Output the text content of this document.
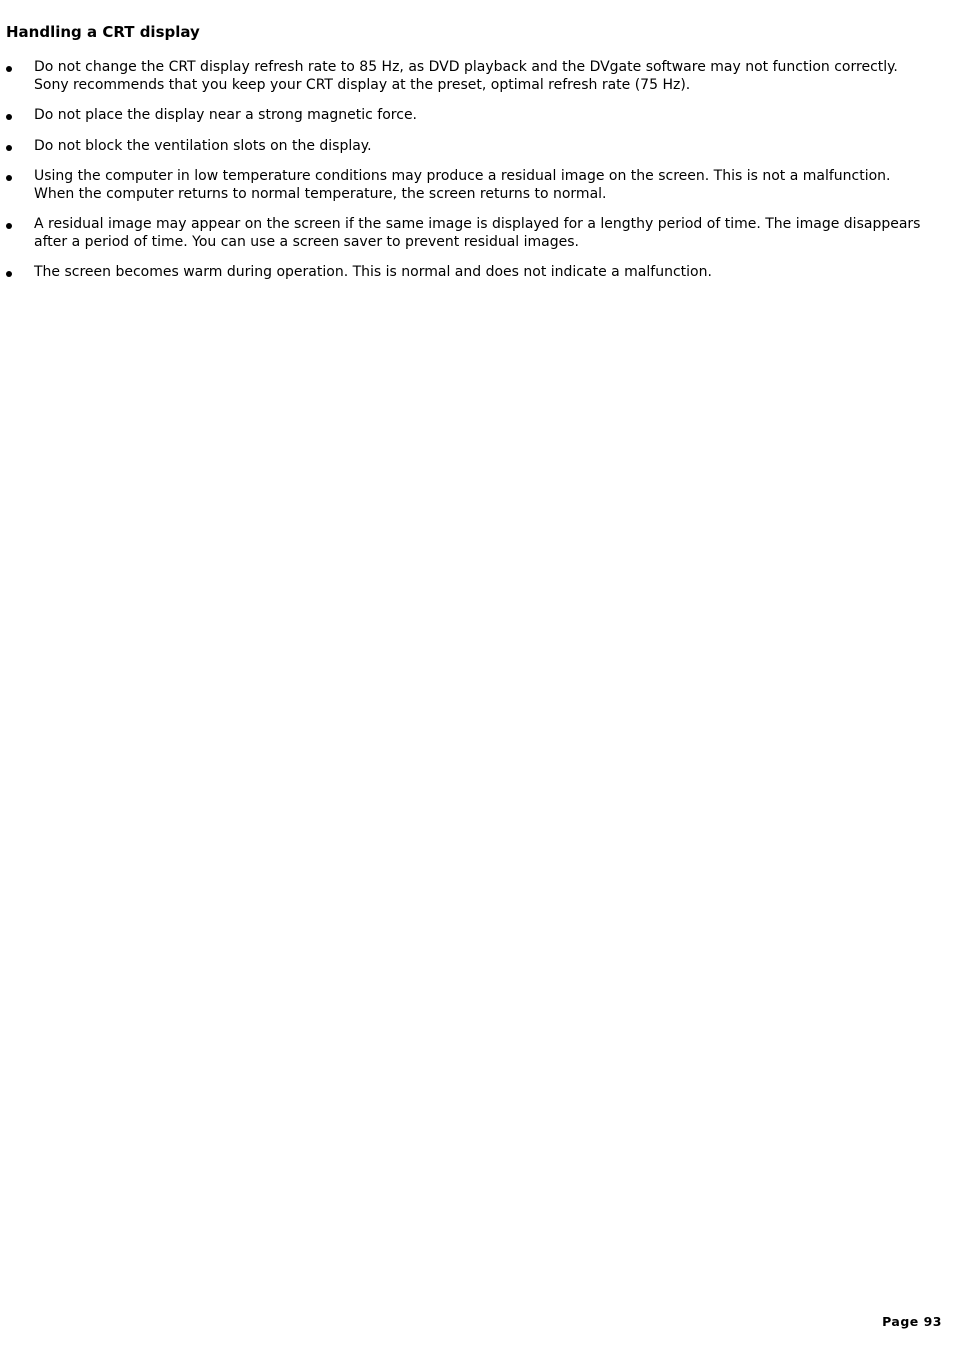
Handling a CRT display
Do not change the CRT display refresh rate to 85 Hz, as DVD playback and the DVgate software may not function correctly. Sony recommends that you keep your CRT display at the preset, optimal refresh rate (75 Hz).
Do not place the display near a strong magnetic force.
Do not block the ventilation slots on the display.
Using the computer in low temperature conditions may produce a residual image on the screen. This is not a malfunction. When the computer returns to normal temperature, the screen returns to normal.
A residual image may appear on the screen if the same image is displayed for a lengthy period of time. The image disappears after a period of time. You can use a screen saver to prevent residual images.
The screen becomes warm during operation. This is normal and does not indicate a malfunction.
Page 93
